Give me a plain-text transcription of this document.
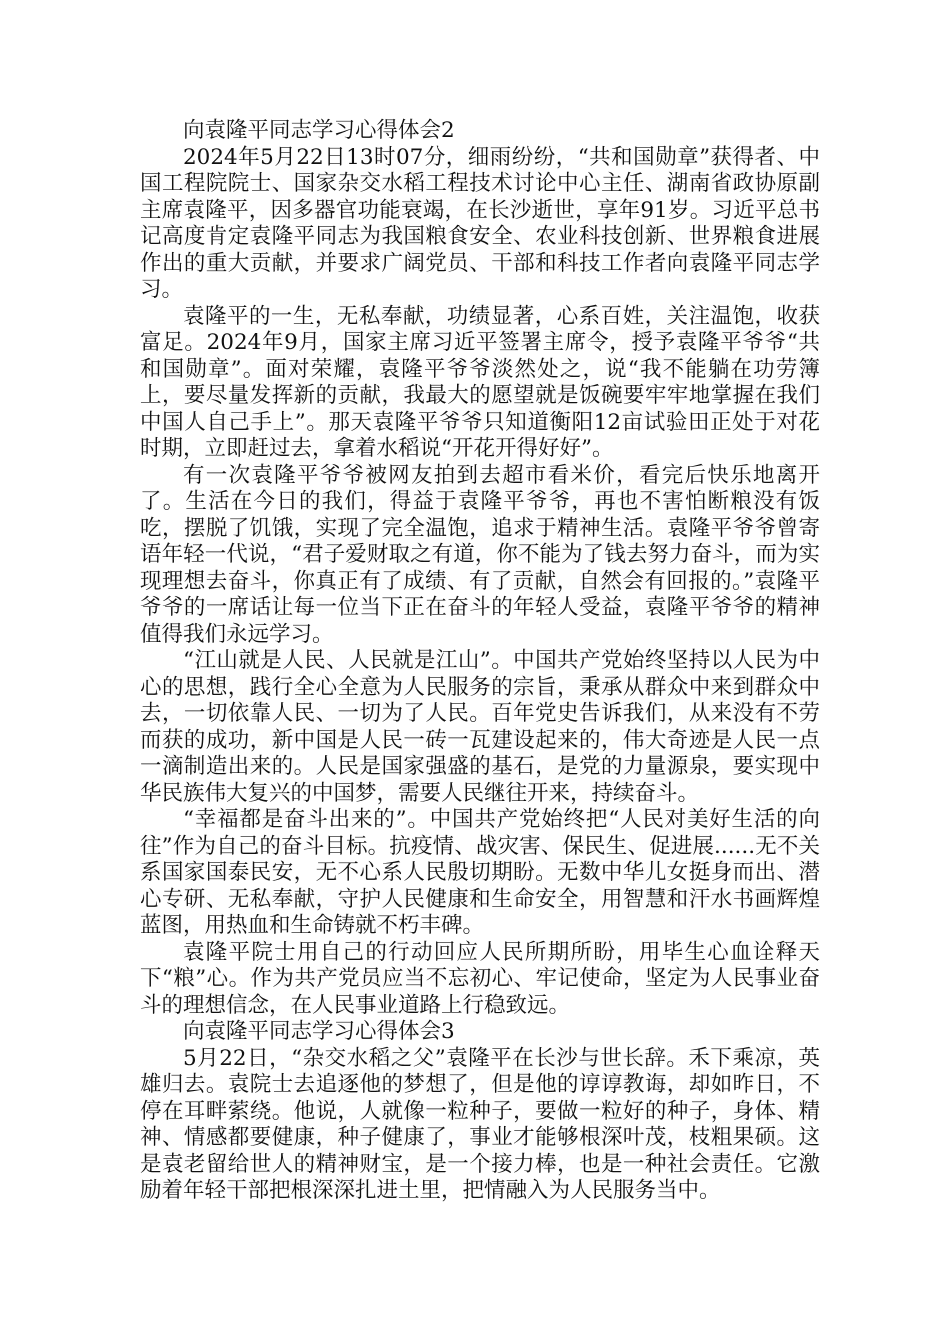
向袁隆平同志学习心得体会2

2024年5月22日13时07分，细雨纷纷，“共和国勋章”获得者、中国工程院院士、国家杂交水稻工程技术讨论中心主任、湖南省政协原副主席袁隆平，因多器官功能衰竭，在长沙逝世，享年91岁。习近平总书记高度肯定袁隆平同志为我国粮食安全、农业科技创新、世界粮食进展作出的重大贡献，并要求广阔党员、干部和科技工作者向袁隆平同志学习。

袁隆平的一生，无私奉献，功绩显著，心系百姓，关注温饱，收获富足。2024年9月，国家主席习近平签署主席令，授予袁隆平爷爷“共和国勋章”。面对荣耀，袁隆平爷爷淡然处之，说“我不能躺在功劳簿上，要尽量发挥新的贡献，我最大的愿望就是饭碗要牢牢地掌握在我们中国人自己手上”。那天袁隆平爷爷只知道衡阳12亩试验田正处于对花时期，立即赶过去，拿着水稻说“开花开得好好”。

有一次袁隆平爷爷被网友拍到去超市看米价，看完后快乐地离开了。生活在今日的我们，得益于袁隆平爷爷，再也不害怕断粮没有饭吃，摆脱了饥饿，实现了完全温饱，追求于精神生活。袁隆平爷爷曾寄语年轻一代说，“君子爱财取之有道，你不能为了钱去努力奋斗，而为实现理想去奋斗，你真正有了成绩、有了贡献，自然会有回报的。”袁隆平爷爷的一席话让每一位当下正在奋斗的年轻人受益，袁隆平爷爷的精神值得我们永远学习。

“江山就是人民、人民就是江山”。中国共产党始终坚持以人民为中心的思想，践行全心全意为人民服务的宗旨，秉承从群众中来到群众中去，一切依靠人民、一切为了人民。百年党史告诉我们，从来没有不劳而获的成功，新中国是人民一砖一瓦建设起来的，伟大奇迹是人民一点一滴制造出来的。人民是国家强盛的基石，是党的力量源泉，要实现中华民族伟大复兴的中国梦，需要人民继往开来，持续奋斗。

“幸福都是奋斗出来的”。中国共产党始终把“人民对美好生活的向往”作为自己的奋斗目标。抗疫情、战灾害、保民生、促进展......无不关系国家国泰民安，无不心系人民殷切期盼。无数中华儿女挺身而出、潜心专研、无私奉献，守护人民健康和生命安全，用智慧和汗水书画辉煌蓝图，用热血和生命铸就不朽丰碑。

袁隆平院士用自己的行动回应人民所期所盼，用毕生心血诠释天下“粮”心。作为共产党员应当不忘初心、牢记使命，坚定为人民事业奋斗的理想信念，在人民事业道路上行稳致远。

向袁隆平同志学习心得体会3

5月22日，“杂交水稻之父”袁隆平在长沙与世长辞。禾下乘凉，英雄归去。袁院士去追逐他的梦想了，但是他的谆谆教诲，却如昨日，不停在耳畔萦绕。他说，人就像一粒种子，要做一粒好的种子，身体、精神、情感都要健康，种子健康了，事业才能够根深叶茂，枝粗果硕。这是袁老留给世人的精神财宝，是一个接力棒，也是一种社会责任。它激励着年轻干部把根深深扎进土里，把情融入为人民服务当中。
